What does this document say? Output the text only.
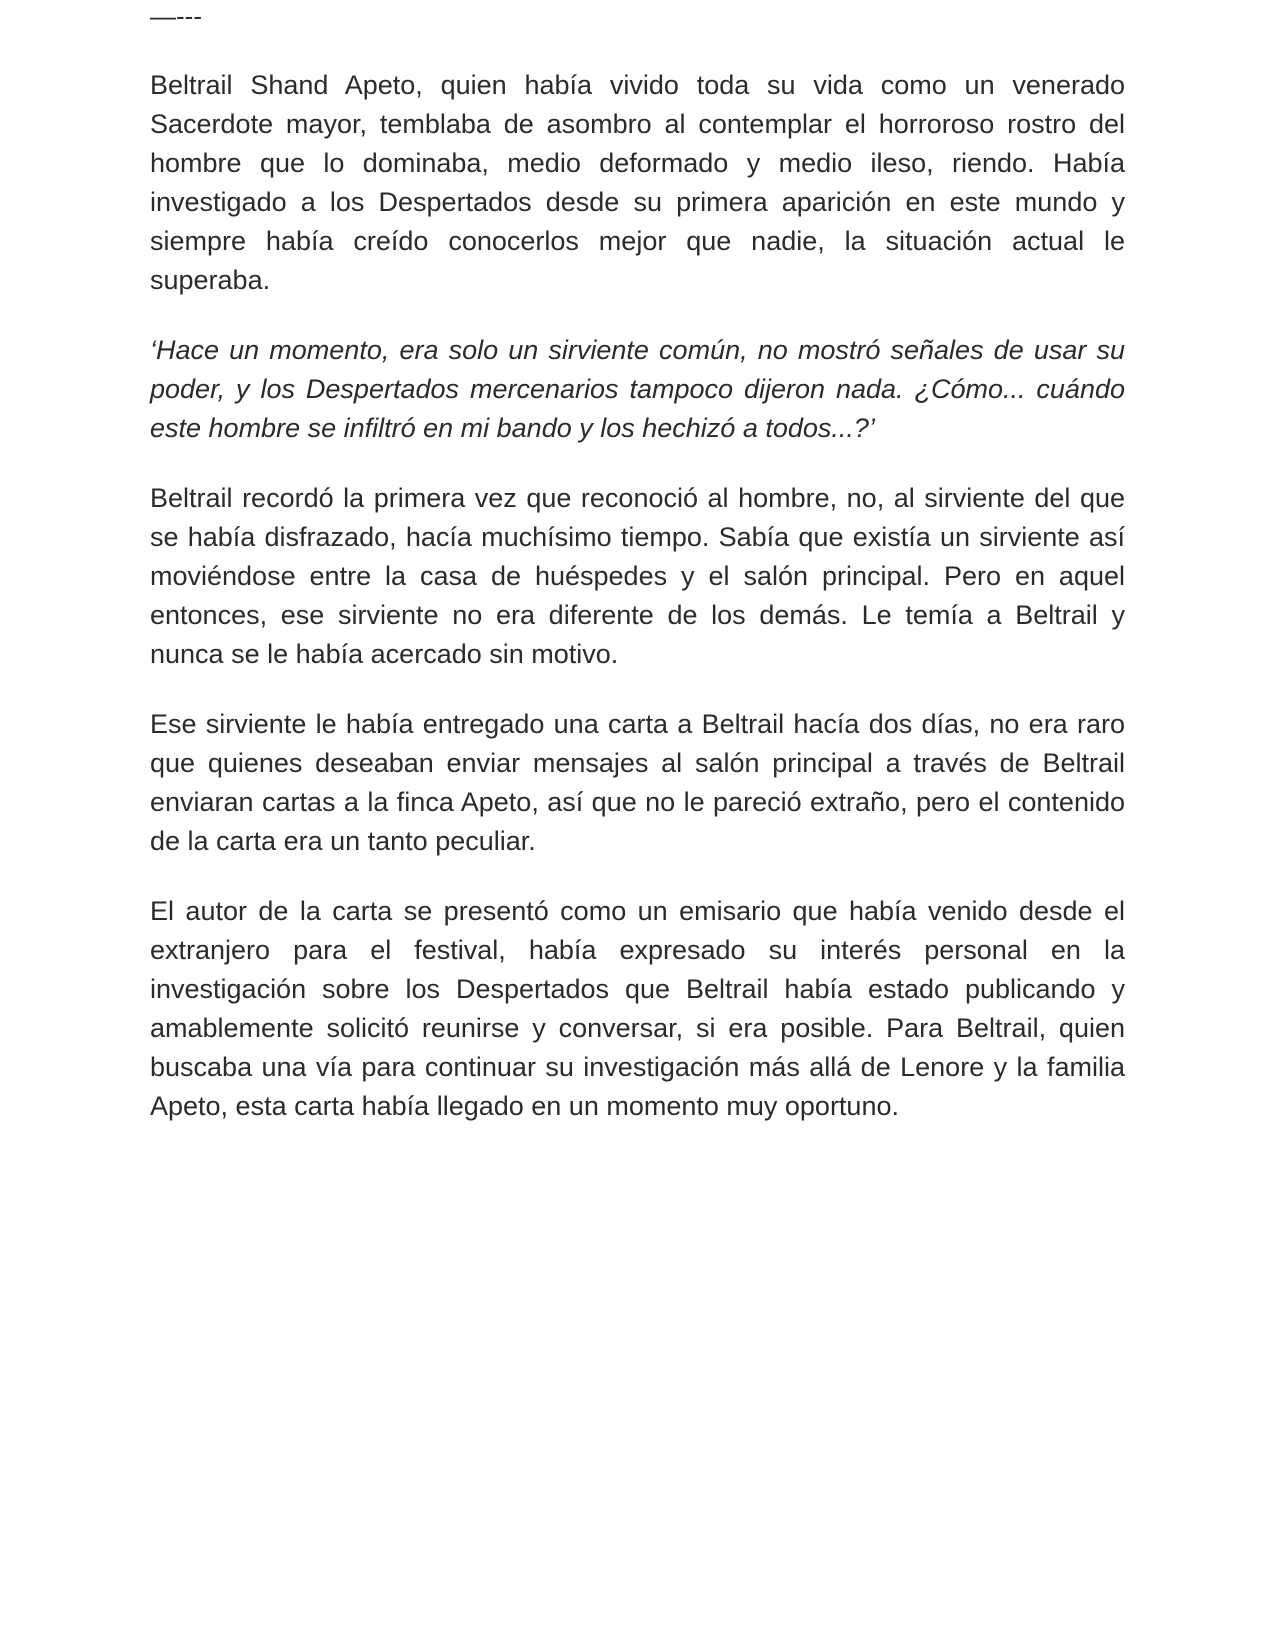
—---

Beltrail Shand Apeto, quien había vivido toda su vida como un venerado Sacerdote mayor, temblaba de asombro al contemplar el horroroso rostro del hombre que lo dominaba, medio deformado y medio ileso, riendo. Había investigado a los Despertados desde su primera aparición en este mundo y siempre había creído conocerlos mejor que nadie, la situación actual le superaba.

‘Hace un momento, era solo un sirviente común, no mostró señales de usar su poder, y los Despertados mercenarios tampoco dijeron nada. ¿Cómo... cuándo este hombre se infiltró en mi bando y los hechizó a todos...?’

Beltrail recordó la primera vez que reconoció al hombre, no, al sirviente del que se había disfrazado, hacía muchísimo tiempo. Sabía que existía un sirviente así moviéndose entre la casa de huéspedes y el salón principal. Pero en aquel entonces, ese sirviente no era diferente de los demás. Le temía a Beltrail y nunca se le había acercado sin motivo.

Ese sirviente le había entregado una carta a Beltrail hacía dos días, no era raro que quienes deseaban enviar mensajes al salón principal a través de Beltrail enviaran cartas a la finca Apeto, así que no le pareció extraño, pero el contenido de la carta era un tanto peculiar.

El autor de la carta se presentó como un emisario que había venido desde el extranjero para el festival, había expresado su interés personal en la investigación sobre los Despertados que Beltrail había estado publicando y amablemente solicitó reunirse y conversar, si era posible. Para Beltrail, quien buscaba una vía para continuar su investigación más allá de Lenore y la familia Apeto, esta carta había llegado en un momento muy oportuno.
